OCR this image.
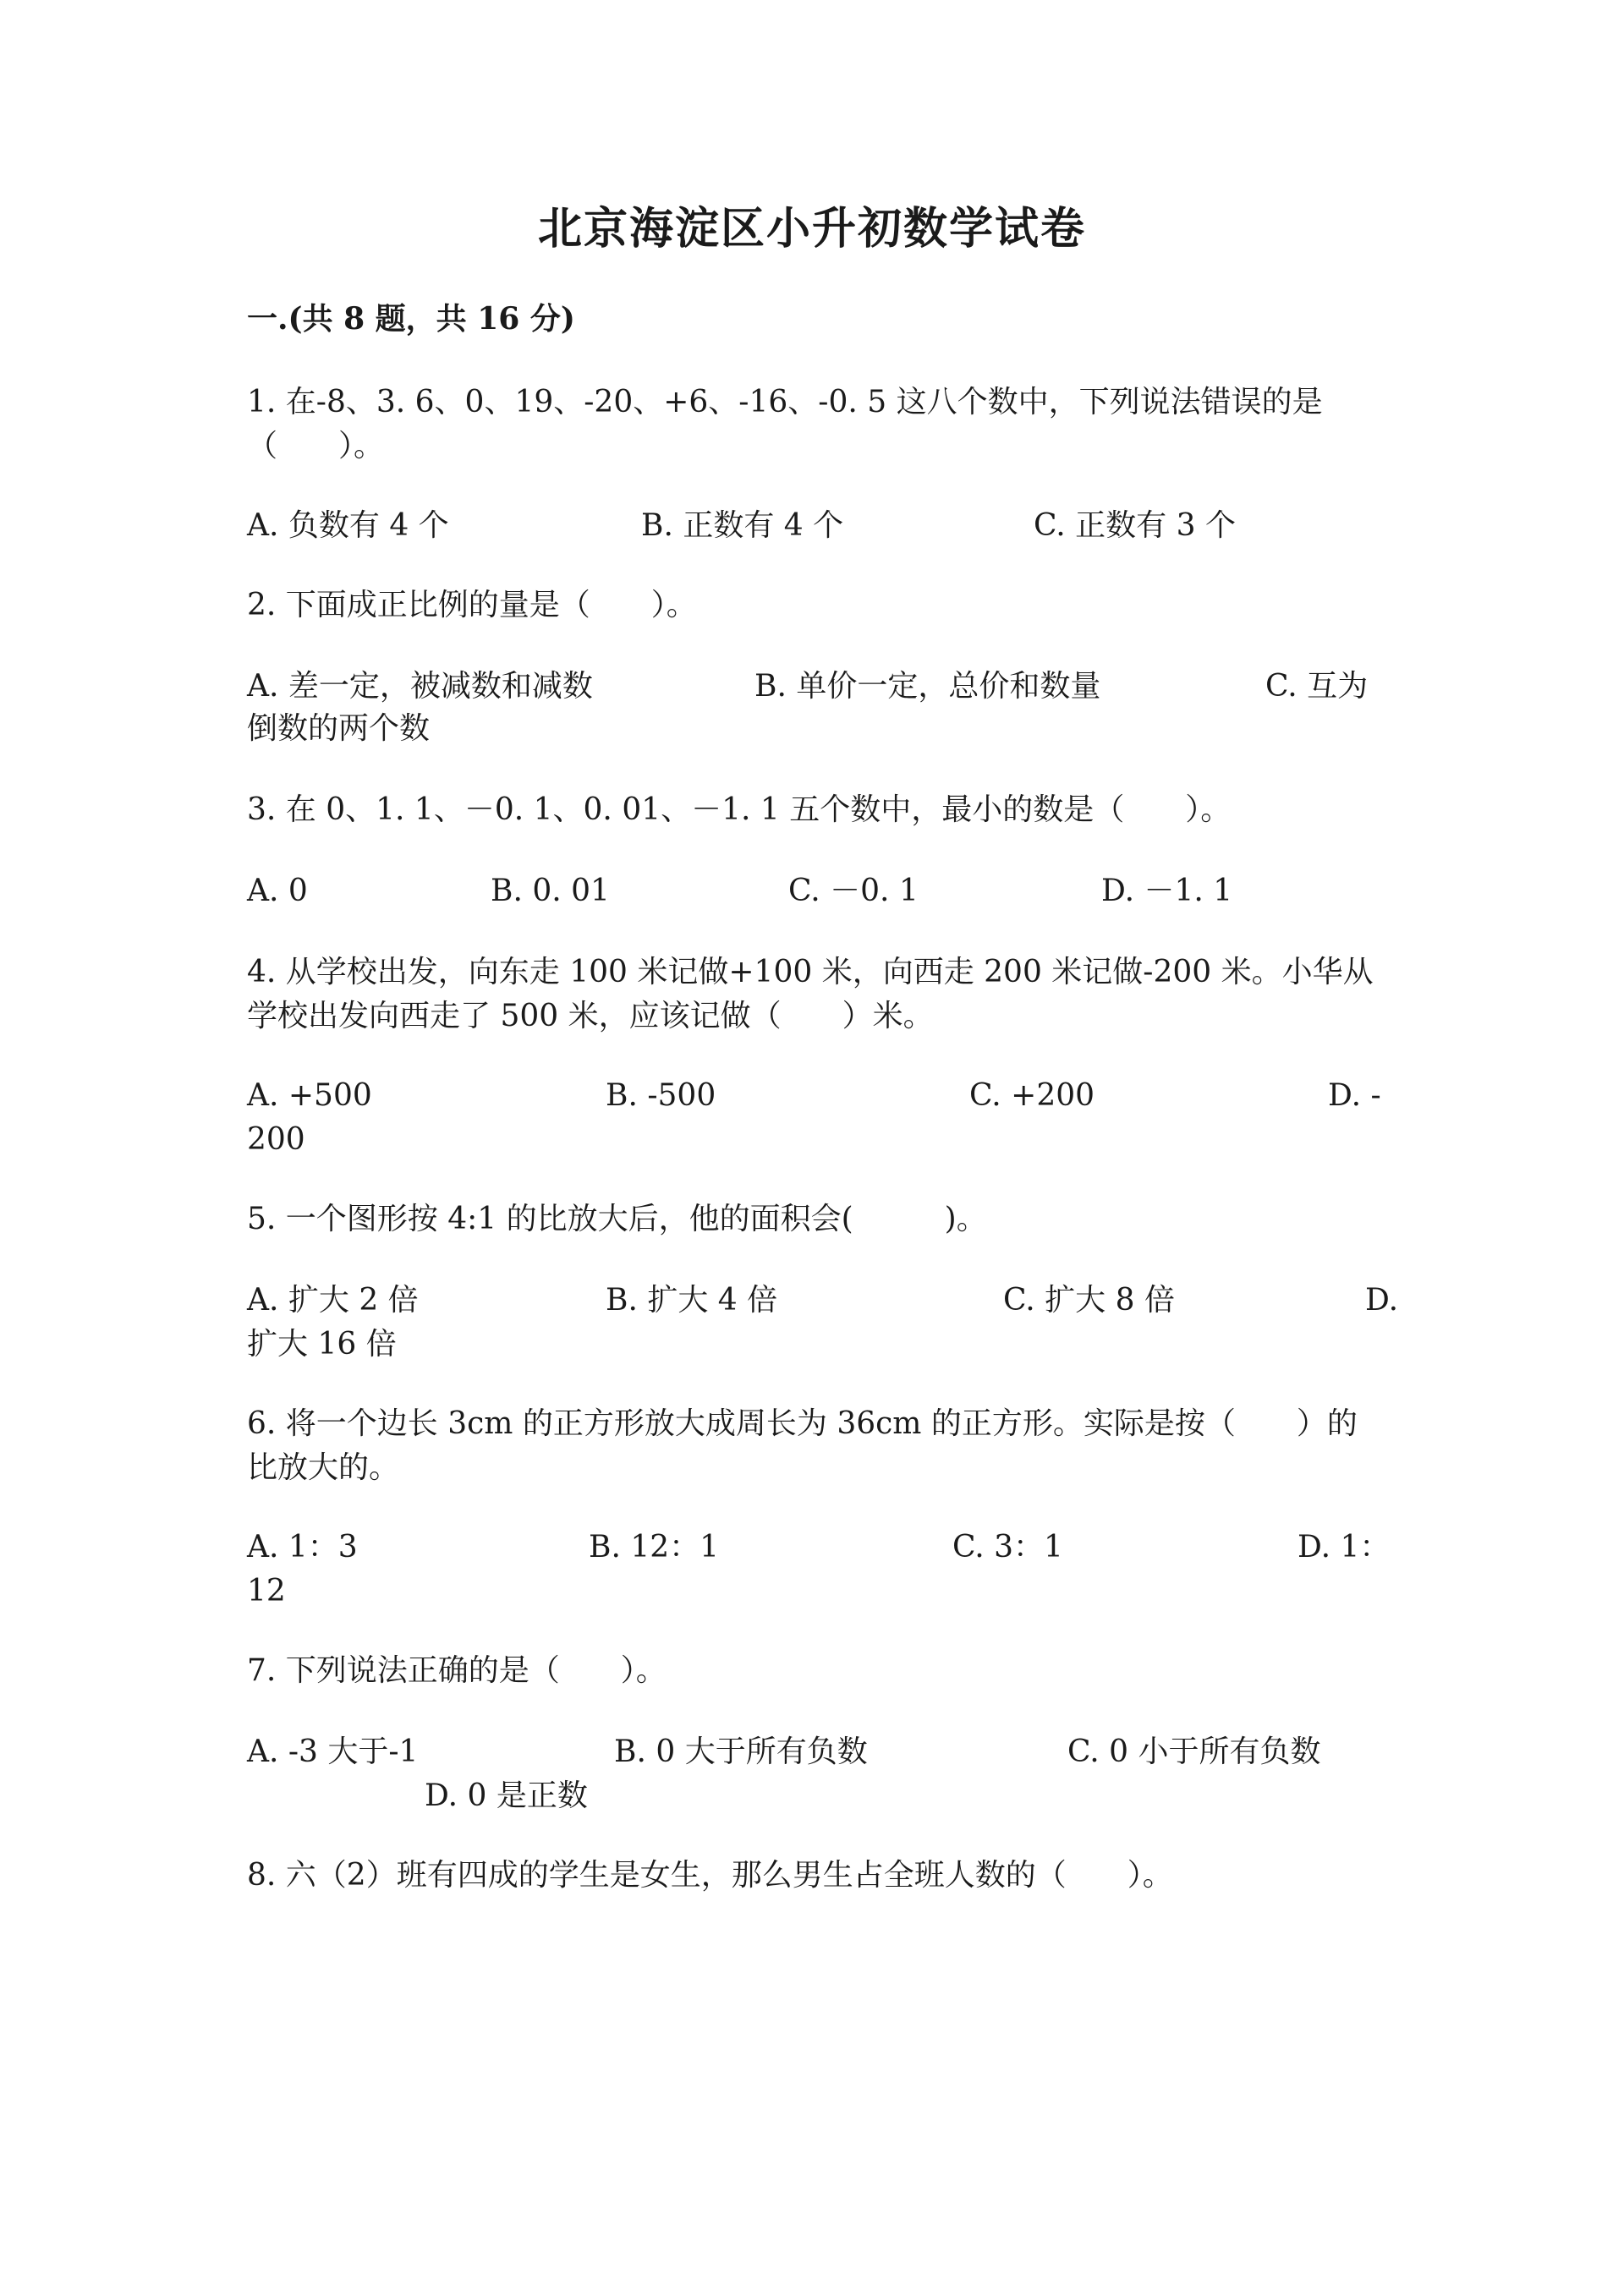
北京海淀区小升初数学试卷
一.(共 8 题，共 16 分)
1. 在-8、3. 6、0、19、-20、+6、-16、-0. 5 这八个数中，下列说法错误的是
（　　）。
A. 负数有 4 个	B. 正数有 4 个	C. 正数有 3 个
2. 下面成正比例的量是（　　）。
A. 差一定，被减数和减数	B. 单价一定，总价和数量	C. 互为
倒数的两个数
3. 在 0、1. 1、－0. 1、0. 01、－1. 1 五个数中，最小的数是（　　）。
A. 0	B. 0. 01	C. －0. 1	D. －1. 1
4. 从学校出发，向东走 100 米记做+100 米，向西走 200 米记做-200 米。小华从
学校出发向西走了 500 米，应该记做（　　）米。
A. +500	B. -500	C. +200	D. -
200
5. 一个图形按 4:1 的比放大后，他的面积会(　　　)。
A. 扩大 2 倍	B. 扩大 4 倍	C. 扩大 8 倍	D.
扩大 16 倍
6. 将一个边长 3cm 的正方形放大成周长为 36cm 的正方形。实际是按（　　）的
比放大的。
A. 1：3	B. 12：1	C. 3：1	D. 1：
12
7. 下列说法正确的是（　　）。
A. -3 大于-1	B. 0 大于所有负数	C. 0 小于所有负数
D. 0 是正数
8. 六（2）班有四成的学生是女生，那么男生占全班人数的（　　）。
